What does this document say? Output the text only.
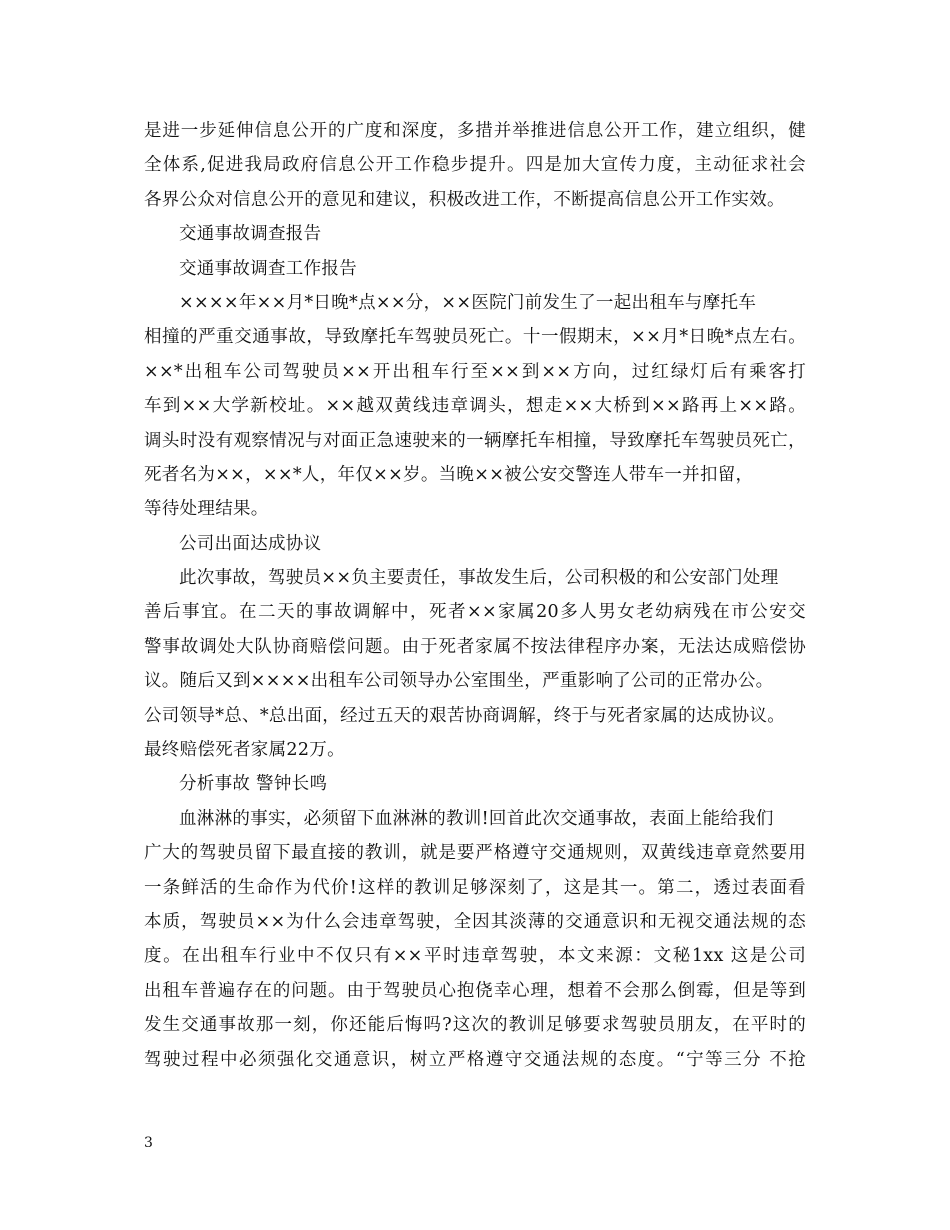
是进一步延伸信息公开的广度和深度，多措并举推进信息公开工作，建立组织，健
全体系,促进我局政府信息公开工作稳步提升。四是加大宣传力度，主动征求社会
各界公众对信息公开的意见和建议，积极改进工作，不断提高信息公开工作实效。
交通事故调查报告
交通事故调查工作报告
××××年××月*日晚*点××分，××医院门前发生了一起出租车与摩托车
相撞的严重交通事故，导致摩托车驾驶员死亡。十一假期末，××月*日晚*点左右。
××*出租车公司驾驶员××开出租车行至××到××方向，过红绿灯后有乘客打
车到××大学新校址。××越双黄线违章调头，想走××大桥到××路再上××路。
调头时没有观察情况与对面正急速驶来的一辆摩托车相撞，导致摩托车驾驶员死亡，
死者名为××，××*人，年仅××岁。当晚××被公安交警连人带车一并扣留，
等待处理结果。
公司出面达成协议
此次事故，驾驶员××负主要责任，事故发生后，公司积极的和公安部门处理
善后事宜。在二天的事故调解中，死者××家属20多人男女老幼病残在市公安交
警事故调处大队协商赔偿问题。由于死者家属不按法律程序办案，无法达成赔偿协
议。随后又到××××出租车公司领导办公室围坐，严重影响了公司的正常办公。
公司领导*总、*总出面，经过五天的艰苦协商调解，终于与死者家属的达成协议。
最终赔偿死者家属22万。
分析事故 警钟长鸣
血淋淋的事实，必须留下血淋淋的教训!回首此次交通事故，表面上能给我们
广大的驾驶员留下最直接的教训，就是要严格遵守交通规则，双黄线违章竟然要用
一条鲜活的生命作为代价!这样的教训足够深刻了，这是其一。第二，透过表面看
本质，驾驶员××为什么会违章驾驶，全因其淡薄的交通意识和无视交通法规的态
度。在出租车行业中不仅只有××平时违章驾驶，本文来源：文秘1xx 这是公司
出租车普遍存在的问题。由于驾驶员心抱侥幸心理，想着不会那么倒霉，但是等到
发生交通事故那一刻，你还能后悔吗?这次的教训足够要求驾驶员朋友，在平时的
驾驶过程中必须强化交通意识，树立严格遵守交通法规的态度。“宁等三分 不抢
3
